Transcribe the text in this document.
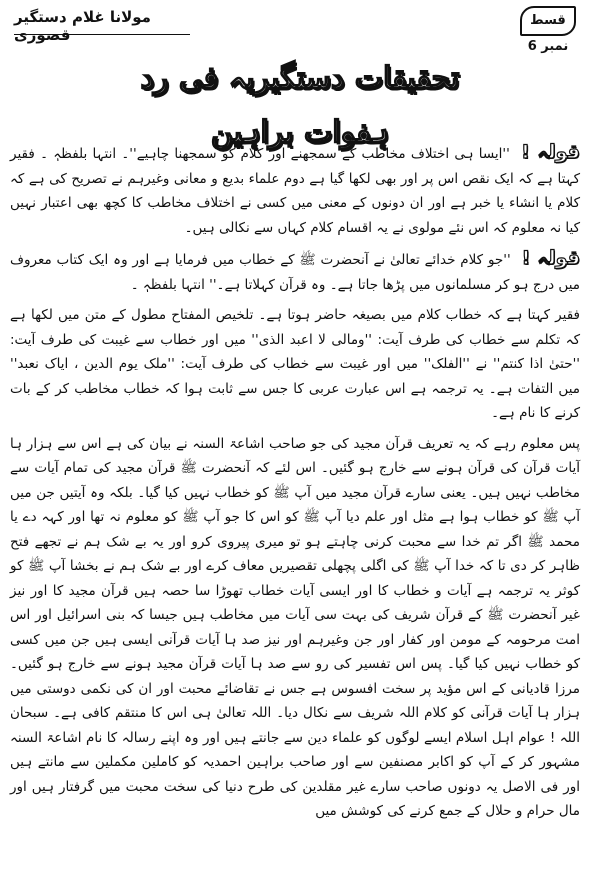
مولانا غلام دستگیر قصوری
قسط نمبر 6
تحقیقات دستگیریہ فی رد ہفوات براہین

قولہ ! ''ایسا ہی اختلاف مخاطب کے سمجھنے اور کلام کو سمجھنا چاہیے''۔ انتہا بلفظہٖ ۔ فقیر کہتا ہے کہ ایک نقص اس پر اور بھی لکھا گیا ہے دوم علماء بدیع و معانی وغیرہم نے تصریح کی ہے کہ کلام یا انشاء یا خبر ہے اور ان دونوں کے معنی میں کسی نے اختلاف مخاطب کا کچھ بھی اعتبار نہیں کیا نہ معلوم کہ اس نئے مولوی نے یہ اقسام کلام کہاں سے نکالی ہیں۔

قولہ ! ''جو کلام خدائے تعالیٰ نے آنحضرت ﷺ کے خطاب میں فرمایا ہے اور وہ ایک کتاب معروف میں درج ہو کر مسلمانوں میں پڑھا جاتا ہے۔ وہ قرآن کہلاتا ہے۔'' انتہا بلفظہٖ ۔

فقیر کہتا ہے کہ خطاب کلام میں بصیغہ حاضر ہوتا ہے۔ تلخیص المفتاح مطول کے متن میں لکھا ہے کہ تکلم سے خطاب کی طرف آیت: ''ومالی لا اعبد الذی'' میں اور خطاب سے غیبت کی طرف آیت: ''حتیٰ اذا کنتم'' نے ''الفلک'' میں اور غیبت سے خطاب کی طرف آیت: ''ملک یوم الدین ، ایاک نعبد'' میں التفات ہے۔ یہ ترجمہ ہے اس عبارت عربی کا جس سے ثابت ہوا کہ خطاب مخاطب کر کے بات کرنے کا نام ہے۔

پس معلوم رہے کہ یہ تعریف قرآن مجید کی جو صاحب اشاعۃ السنہ نے بیان کی ہے اس سے ہزار ہا آیات قرآن کی قرآن ہونے سے خارج ہو گئیں۔ اس لئے کہ آنحضرت ﷺ قرآن مجید کی تمام آیات سے مخاطب نہیں ہیں۔ یعنی سارے قرآن مجید میں آپ ﷺ کو خطاب نہیں کیا گیا۔ بلکہ وہ آیتیں جن میں آپ ﷺ کو خطاب ہوا ہے مثل اور علم دیا آپ ﷺ کو اس کا جو آپ ﷺ کو معلوم نہ تھا اور کہہ دے یا محمد ﷺ اگر تم خدا سے محبت کرنی چاہتے ہو تو میری پیروی کرو اور یہ بے شک ہم نے تجھے فتح ظاہر کر دی تا کہ خدا آپ ﷺ کی اگلی پچھلی تقصیریں معاف کرے اور بے شک ہم نے بخشا آپ ﷺ کو کوثر یہ ترجمہ ہے آیات و خطاب کا اور ایسی آیات خطاب تھوڑا سا حصہ ہیں قرآن مجید کا اور نیز غیر آنحضرت ﷺ کے قرآن شریف کی بہت سی آیات میں مخاطب ہیں جیسا کہ بنی اسرائیل اور اس امت مرحومہ کے مومن اور کفار اور جن وغیرہم اور نیز صد ہا آیات قرآنی ایسی ہیں جن میں کسی کو خطاب نہیں کیا گیا۔ پس اس تفسیر کی رو سے صد ہا آیات قرآن مجید ہونے سے خارج ہو گئیں۔ مرزا قادیانی کے اس مؤید پر سخت افسوس ہے جس نے تقاضائے محبت اور ان کی نکمی دوستی میں ہزار ہا آیات قرآنی کو کلام اللہ شریف سے نکال دیا۔ اللہ تعالیٰ ہی اس کا منتقم کافی ہے۔ سبحان اللہ ! عوام اہل اسلام ایسے لوگوں کو علماء دین سے جانتے ہیں اور وہ اپنے رسالہ کا نام اشاعۃ السنہ مشہور کر کے آپ کو اکابر مصنفین سے اور صاحب براہین احمدیہ کو کاملین مکملین سے مانتے ہیں اور فی الاصل یہ دونوں صاحب سارے غیر مقلدین کی طرح دنیا کی سخت محبت میں گرفتار ہیں اور مال حرام و حلال کے جمع کرنے کی کوشش میں
